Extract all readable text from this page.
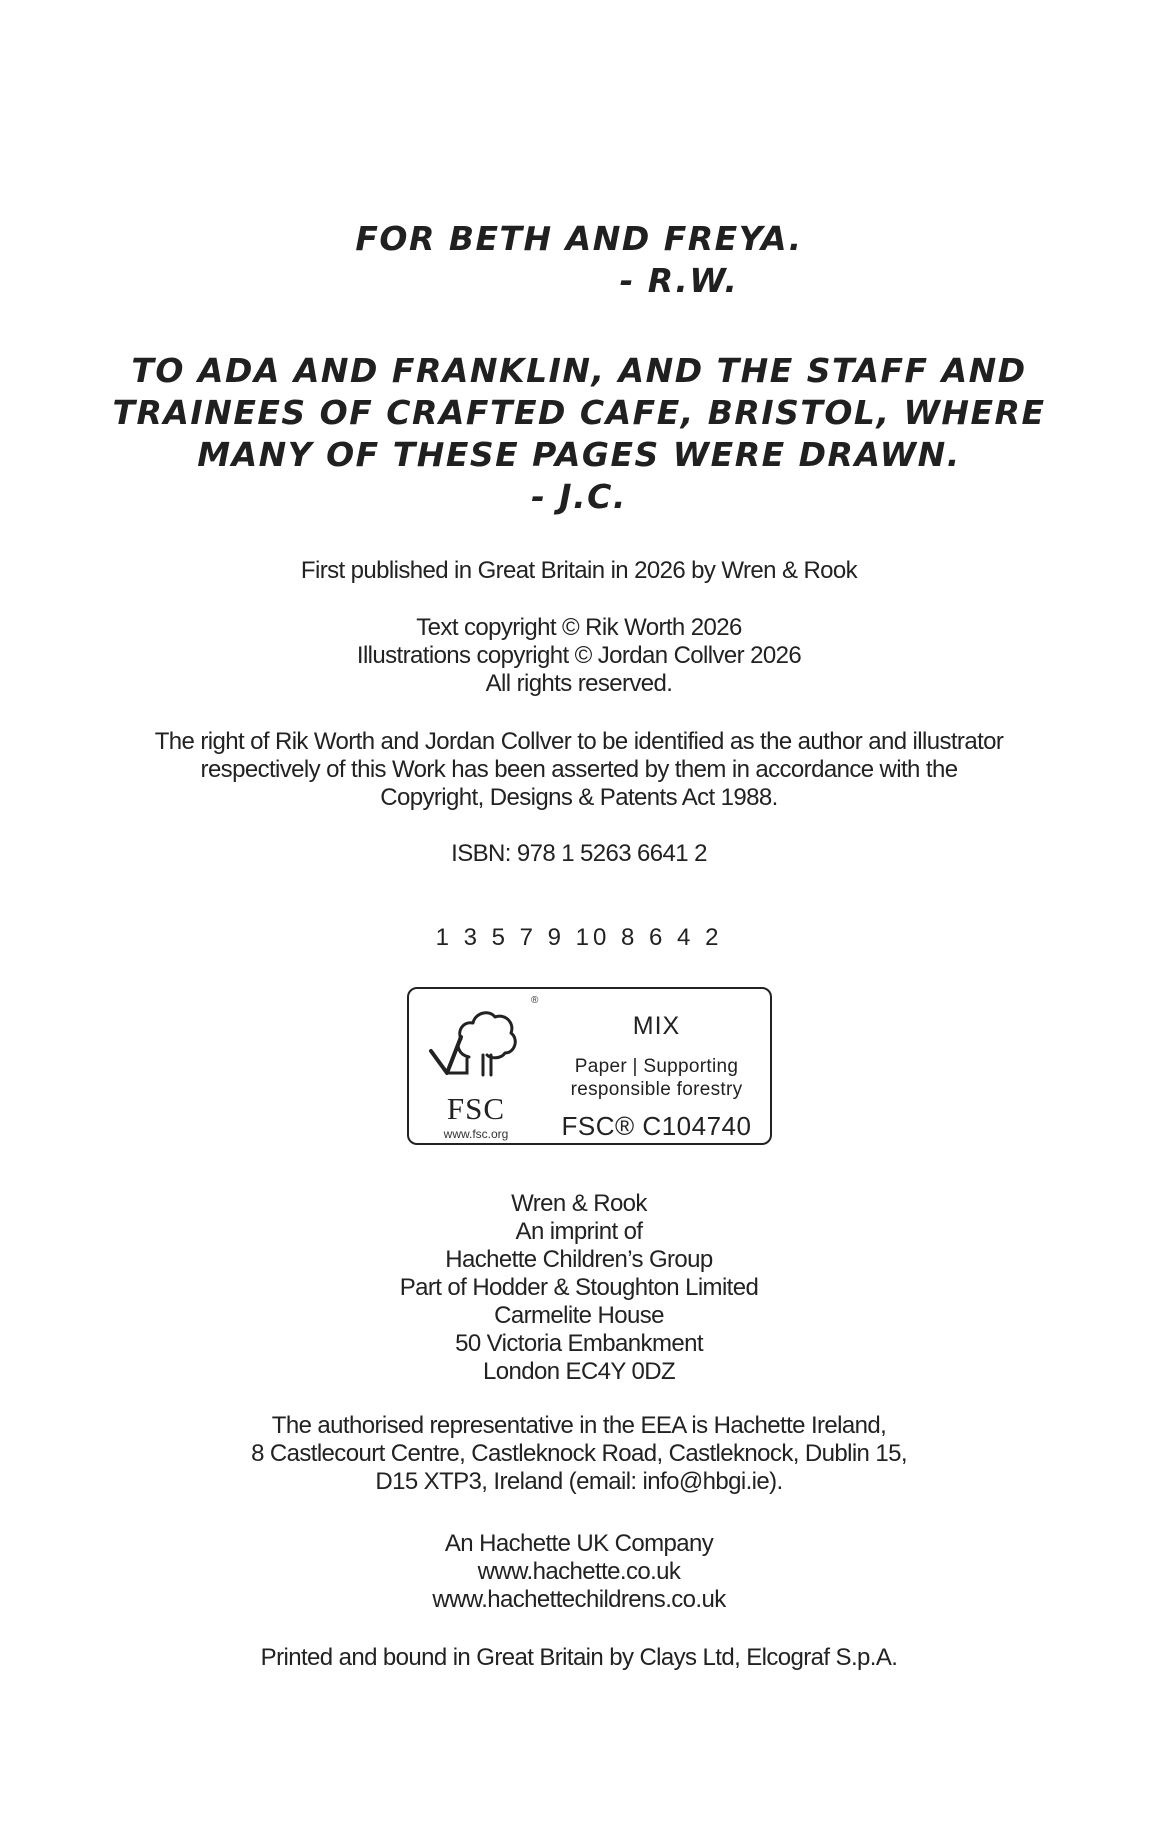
FOR BETH AND FREYA.
- R.W.
TO ADA AND FRANKLIN, AND THE STAFF AND
TRAINEES OF CRAFTED CAFE, BRISTOL, WHERE
MANY OF THESE PAGES WERE DRAWN.
- J.C.
First published in Great Britain in 2026 by Wren & Rook
Text copyright © Rik Worth 2026
Illustrations copyright © Jordan Collver 2026
All rights reserved.
The right of Rik Worth and Jordan Collver to be identified as the author and illustrator
respectively of this Work has been asserted by them in accordance with the
Copyright, Designs & Patents Act 1988.
ISBN: 978 1 5263 6641 2
1 3 5 7 9 10 8 6 4 2
®
FSC
www.fsc.org
MIX
Paper | Supporting
responsible forestry
FSC® C104740
Wren & Rook
An imprint of
Hachette Children’s Group
Part of Hodder & Stoughton Limited
Carmelite House
50 Victoria Embankment
London EC4Y 0DZ
The authorised representative in the EEA is Hachette Ireland,
8 Castlecourt Centre, Castleknock Road, Castleknock, Dublin 15,
D15 XTP3, Ireland (email: info@hbgi.ie).
An Hachette UK Company
www.hachette.co.uk
www.hachettechildrens.co.uk
Printed and bound in Great Britain by Clays Ltd, Elcograf S.p.A.
